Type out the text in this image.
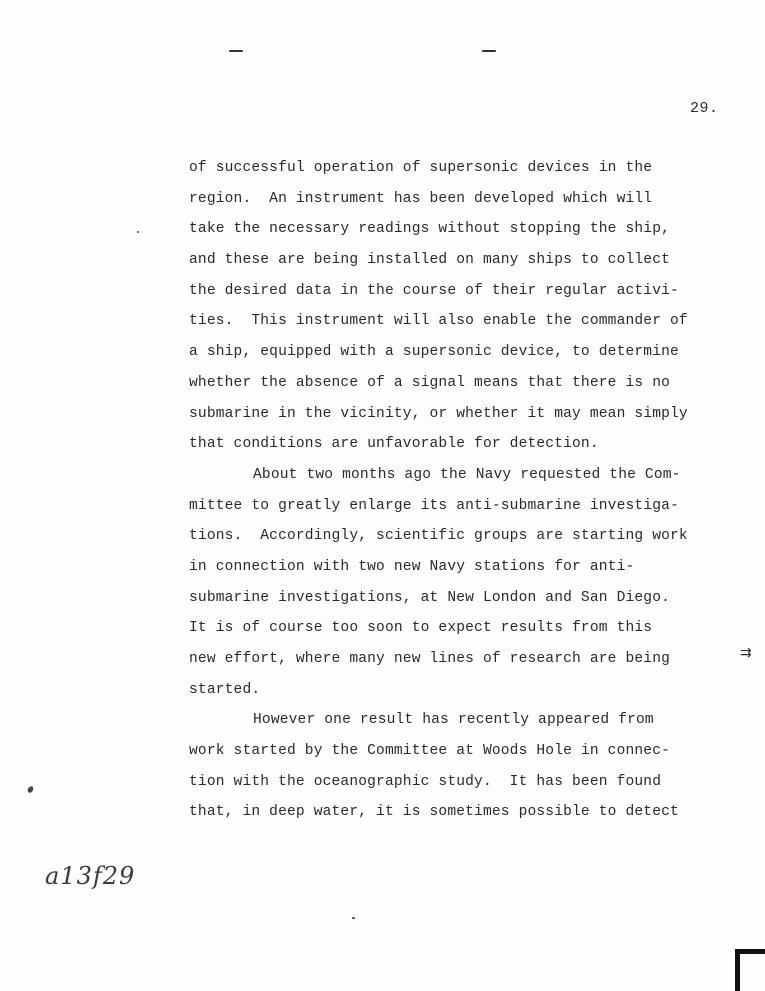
29.
of successful operation of supersonic devices in the
region.  An instrument has been developed which will
take the necessary readings without stopping the ship,
and these are being installed on many ships to collect
the desired data in the course of their regular activi-
ties.  This instrument will also enable the commander of
a ship, equipped with a supersonic device, to determine
whether the absence of a signal means that there is no
submarine in the vicinity, or whether it may mean simply
that conditions are unfavorable for detection.
About two months ago the Navy requested the Com-
mittee to greatly enlarge its anti-submarine investiga-
tions.  Accordingly, scientific groups are starting work
in connection with two new Navy stations for anti-
submarine investigations, at New London and San Diego.
It is of course too soon to expect results from this
new effort, where many new lines of research are being
started.
However one result has recently appeared from
work started by the Committee at Woods Hole in connec-
tion with the oceanographic study.  It has been found
that, in deep water, it is sometimes possible to detect
⇉
a13f29
